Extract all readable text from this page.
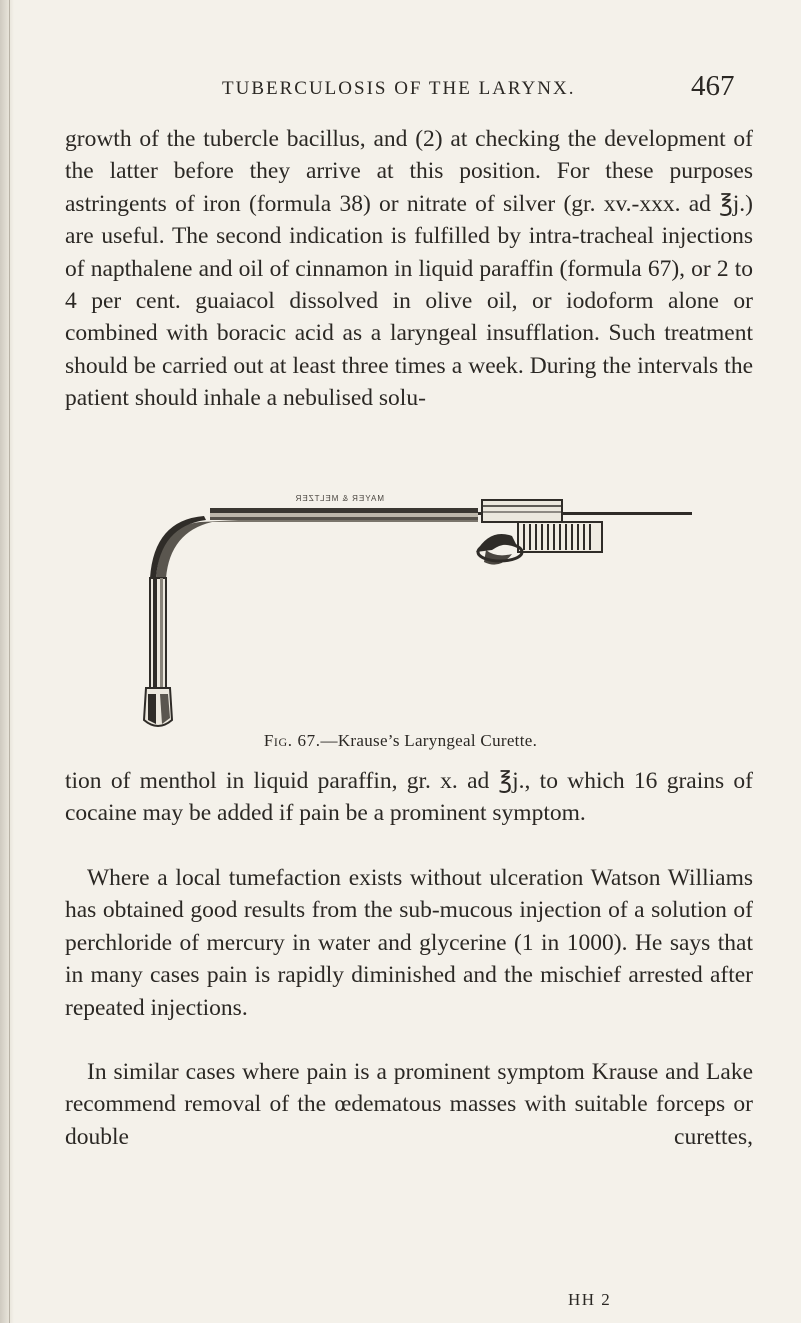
TUBERCULOSIS OF THE LARYNX.	467

growth of the tubercle bacillus, and (2) at checking the development of the latter before they arrive at this position. For these purposes astringents of iron (formula 38) or nitrate of silver (gr. xv.-xxx. ad ℥j.) are useful. The second indication is fulfilled by intra-tracheal injections of napthalene and oil of cinnamon in liquid paraffin (formula 67), or 2 to 4 per cent. guaiacol dissolved in olive oil, or iodoform alone or combined with boracic acid as a laryngeal insufflation. Such treatment should be carried out at least three times a week. During the intervals the patient should inhale a nebulised solu-

MAYER & MELTZER
Fig. 67.—Krause’s Laryngeal Curette.

tion of menthol in liquid paraffin, gr. x. ad ℥j., to which 16 grains of cocaine may be added if pain be a prominent symptom.

Where a local tumefaction exists without ulceration Watson Williams has obtained good results from the sub-mucous injection of a solution of perchloride of mercury in water and glycerine (1 in 1000). He says that in many cases pain is rapidly diminished and the mischief arrested after repeated injections.

In similar cases where pain is a prominent symptom Krause and Lake recommend removal of the œdematous masses with suitable forceps or double curettes,

HH 2
